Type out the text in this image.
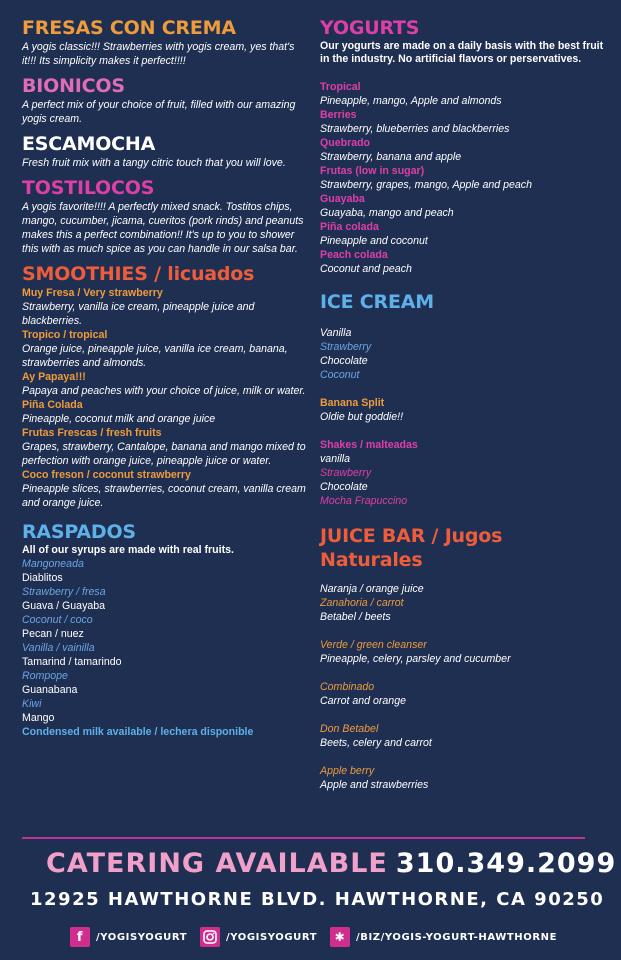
FRESAS CON CREMA

A yogis classic!!! Strawberries with yogis cream, yes that's it!!! Its simplicity makes it perfect!!!!

BIONICOS

A perfect mix of your choice of fruit, filled with our amazing yogis cream.

ESCAMOCHA

Fresh fruit mix with a tangy citric touch that you will love.

TOSTILOCOS

A yogis favorite!!!! A perfectly mixed snack. Tostitos chips, mango, cucumber, jicama, cueritos (pork rinds) and peanuts makes this a perfect combination!! It's up to you to shower this with as much spice as you can handle in our salsa bar.

SMOOTHIES / licuados

Muy Fresa / Very strawberry

Strawberry, vanilla ice cream, pineapple juice and blackberries.

Tropico / tropical

Orange juice, pineapple juice, vanilla ice cream, banana, strawberries and almonds.

Ay Papaya!!!

Papaya and peaches with your choice of juice, milk or water.

Piña Colada

Pineapple, coconut milk and orange juice

Frutas Frescas / fresh fruits

Grapes, strawberry, Cantalope, banana and mango mixed to perfection with orange juice, pineapple juice or water.

Coco freson / coconut strawberry

Pineapple slices, strawberries, coconut cream, vanilla cream and orange juice.

RASPADOS

All of our syrups are made with real fruits.

Mangoneada

Diablitos

Strawberry / fresa

Guava / Guayaba

Coconut / coco

Pecan / nuez

Vanilla / vainilla

Tamarind / tamarindo

Rompope

Guanabana

Kiwi

Mango

Condensed milk available / lechera disponible

YOGURTS

Our yogurts are made on a daily basis with the best fruit in the industry. No artificial flavors or perservatives.

Tropical

Pineapple, mango, Apple and almonds

Berries

Strawberry, blueberries and blackberries

Quebrado

Strawberry, banana and apple

Frutas (low in sugar)

Strawberry, grapes, mango, Apple and peach

Guayaba

Guayaba, mango and peach

Piña colada

Pineapple and coconut

Peach colada

Coconut and peach

ICE CREAM

Vanilla

Strawberry

Chocolate

Coconut

Banana Split

Oldie but goddie!!

Shakes / malteadas

vanilla

Strawberry

Chocolate

Mocha Frapuccino

JUICE BAR / Jugos Naturales

Naranja / orange juice

Zanahoria / carrot

Betabel / beets

Verde / green cleanser

Pineapple, celery, parsley and cucumber

Combinado

Carrot and orange

Don Betabel

Beets, celery and carrot

Apple berry

Apple and strawberries

CATERING AVAILABLE 310.349.2099
12925 HAWTHORNE BLVD. HAWTHORNE, CA 90250
f	/YOGISYOGURT	/YOGISYOGURT	✱	/BIZ/YOGIS-YOGURT-HAWTHORNE
